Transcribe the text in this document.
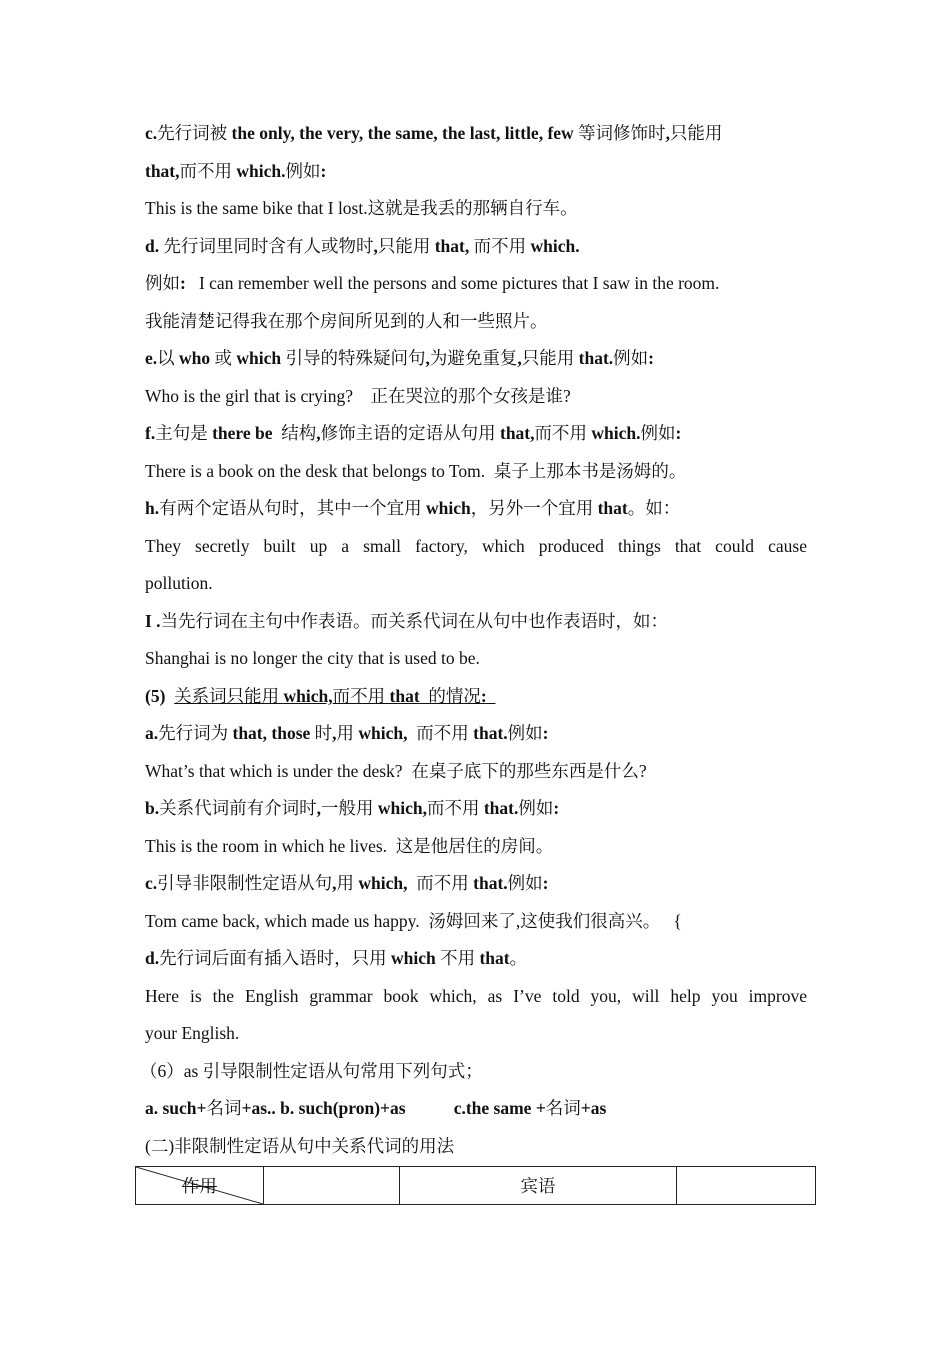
c.先行词被 the only, the very, the same, the last, little, few 等词修饰时,只能用
that,而不用 which.例如:
This is the same bike that I lost.这就是我丢的那辆自行车。
d. 先行词里同时含有人或物时,只能用 that, 而不用 which.
例如:   I can remember well the persons and some pictures that I saw in the room.
我能清楚记得我在那个房间所见到的人和一些照片。
e.以 who 或 which 引导的特殊疑问句,为避免重复,只能用 that.例如:
Who is the girl that is crying?    正在哭泣的那个女孩是谁?
f.主句是 there be  结构,修饰主语的定语从句用 that,而不用 which.例如:
There is a book on the desk that belongs to Tom.  桌子上那本书是汤姆的。
h.有两个定语从句时，其中一个宜用 which，另外一个宜用 that。如：
They secretly built up a small factory, which produced things that could cause
pollution.
I .当先行词在主句中作表语。而关系代词在从句中也作表语时，如：
Shanghai is no longer the city that is used to be.
(5) 关系词只能用 which,而不用 that  的情况:
a.先行词为 that, those 时,用 which,  而不用 that.例如:
What’s that which is under the desk?  在桌子底下的那些东西是什么?
b.关系代词前有介词时,一般用 which,而不用 that.例如:
This is the room in which he lives.  这是他居住的房间。
c.引导非限制性定语从句,用 which,  而不用 that.例如:
Tom came back, which made us happy.  汤姆回来了,这使我们很高兴。   {
d.先行词后面有插入语时，只用 which 不用 that。
Here is the English grammar book which, as I’ve told you, will help you improve
your English.
（6）as 引导限制性定语从句常用下列句式；
a. such+名词+as.. b. such(pron)+as	c.the same +名词+as
(二)非限制性定语从句中关系代词的用法
作用		宾语	
